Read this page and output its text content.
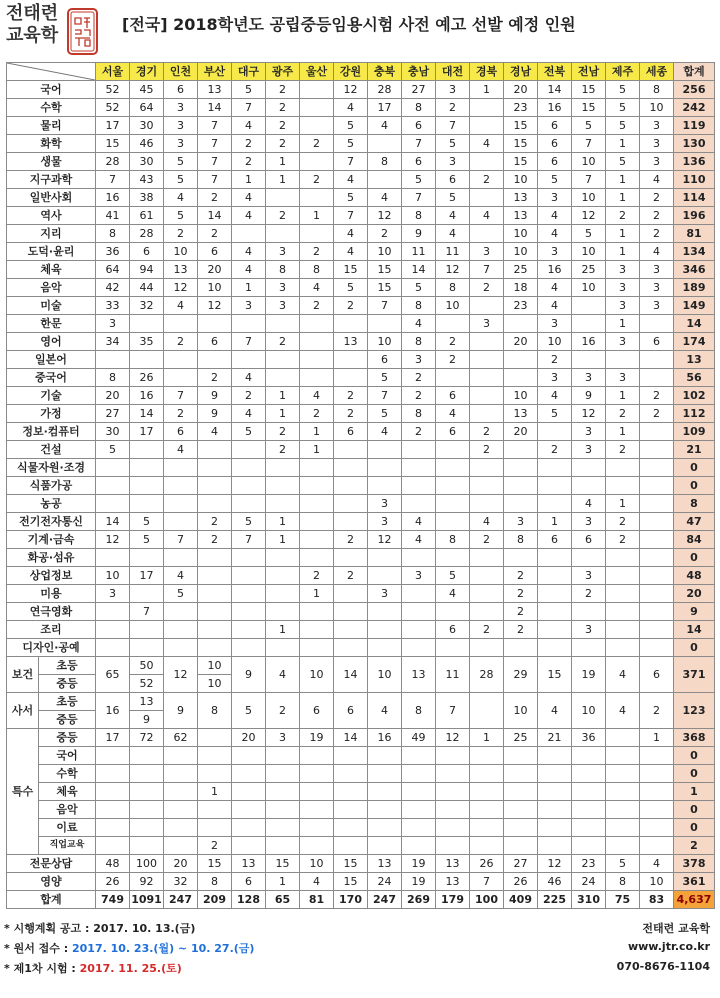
전태련
교육학
[전국] 2018학년도 공립중등임용시험 사전 예고 선발 예정 인원
	서울	경기	인천	부산	대구	광주	울산	강원	충북	충남	대전	경북	경남	전북	전남	제주	세종	합계
국어		52	45	6	13	5	2		12	28	27	3	1	20	14	15	5	8	256
수학		52	64	3	14	7	2		4	17	8	2		23	16	15	5	10	242
물리		17	30	3	7	4	2		5	4	6	7		15	6	5	5	3	119
화학		15	46	3	7	2	2	2	5		7	5	4	15	6	7	1	3	130
생물		28	30	5	7	2	1		7	8	6	3		15	6	10	5	3	136
지구과학		7	43	5	7	1	1	2	4		5	6	2	10	5	7	1	4	110
일반사회		16	38	4	2	4			5	4	7	5		13	3	10	1	2	114
역사		41	61	5	14	4	2	1	7	12	8	4	4	13	4	12	2	2	196
지리		8	28	2	2				4	2	9	4		10	4	5	1	2	81
도덕·윤리		36	6	10	6	4	3	2	4	10	11	11	3	10	3	10	1	4	134
체육		64	94	13	20	4	8	8	15	15	14	12	7	25	16	25	3	3	346
음악		42	44	12	10	1	3	4	5	15	5	8	2	18	4	10	3	3	189
미술		33	32	4	12	3	3	2	2	7	8	10		23	4		3	3	149
한문		3									4		3		3		1		14
영어		34	35	2	6	7	2		13	10	8	2		20	10	16	3	6	174
일본어										6	3	2			2				13
중국어		8	26		2	4				5	2				3	3	3		56
기술		20	16	7	9	2	1	4	2	7	2	6		10	4	9	1	2	102
가정		27	14	2	9	4	1	2	2	5	8	4		13	5	12	2	2	112
정보·컴퓨터		30	17	6	4	5	2	1	6	4	2	6	2	20		3	1		109
건설		5		4			2	1					2		2	3	2		21
식물자원·조경																			0
식품가공																			0
농공										3						4	1		8
전기전자통신		14	5		2	5	1			3	4		4	3	1	3	2		47
기계·금속		12	5	7	2	7	1		2	12	4	8	2	8	6	6	2		84
화공·섬유																			0
상업정보		10	17	4				2	2		3	5		2		3			48
미용		3		5				1		3		4		2		2			20
연극영화			7											2					9
조리							1					6	2	2		3			14
디자인·공예																			0
보건	초등	65	50	12	10	9	4	10	14	10	13	11	28	29	15	19	4	6	371
	중등		52		10														
사서	초등	16	13	9	8	5	2	6	6	4	8	7		10	4	10	4	2	123
	중등		9																
특수	중등	17	72	62		20	3	19	14	16	49	12	1	25	21	36		1	368
	국어																		0
	수학																		0
	체육				1														1
	음악																		0
	이료																		0
	직업교육				2														2
전문상담		48	100	20	15	13	15	10	15	13	19	13	26	27	12	23	5	4	378
영양		26	92	32	8	6	1	4	15	24	19	13	7	26	46	24	8	10	361
합계		749	1091	247	209	128	65	81	170	247	269	179	100	409	225	310	75	83	4,637
* 시행계획 공고 : 2017. 10. 13.(금)
* 원서 접수 : 2017. 10. 23.(월) ~ 10. 27.(금)
* 제1차 시험 : 2017. 11. 25.(토)
전태련 교육학
www.jtr.co.kr
070-8676-1104
